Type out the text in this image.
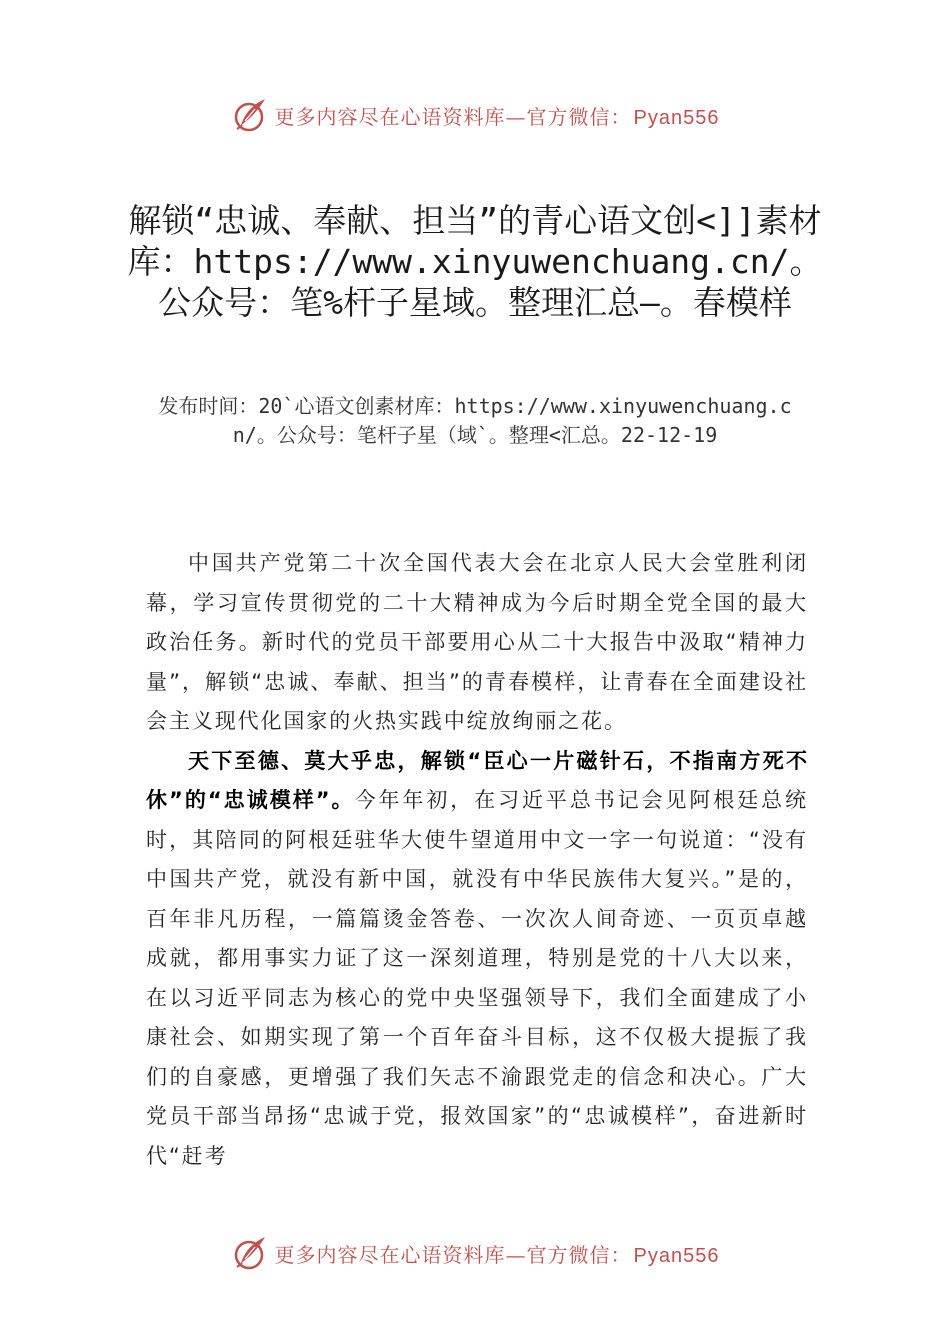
更多内容尽在心语资料库—官方微信： Pyan556
解锁“忠诚、奉献、担当”的青心语文创<]]素材库：https://www.xinyuwenchuang.cn/。公众号：笔%杆子星域。整理汇总—。春模样
发布时间：20`心语文创素材库：https://www.xinyuwenchuang.cn/。公众号：笔杆子星（域`。整理<汇总。22-12-19

中国共产党第二十次全国代表大会在北京人民大会堂胜利闭幕，学习宣传贯彻党的二十大精神成为今后时期全党全国的最大政治任务。新时代的党员干部要用心从二十大报告中汲取“精神力量”，解锁“忠诚、奉献、担当”的青春模样，让青春在全面建设社会主义现代化国家的火热实践中绽放绚丽之花。

天下至德、莫大乎忠，解锁“臣心一片磁针石，不指南方死不休”的“忠诚模样”。今年年初，在习近平总书记会见阿根廷总统时，其陪同的阿根廷驻华大使牛望道用中文一字一句说道：“没有中国共产党，就没有新中国，就没有中华民族伟大复兴。”是的，百年非凡历程，一篇篇烫金答卷、一次次人间奇迹、一页页卓越成就，都用事实力证了这一深刻道理，特别是党的十八大以来，在以习近平同志为核心的党中央坚强领导下，我们全面建成了小康社会、如期实现了第一个百年奋斗目标，这不仅极大提振了我们的自豪感，更增强了我们矢志不渝跟党走的信念和决心。广大党员干部当昂扬“忠诚于党，报效国家”的“忠诚模样”，奋进新时代“赶考

更多内容尽在心语资料库—官方微信： Pyan556
